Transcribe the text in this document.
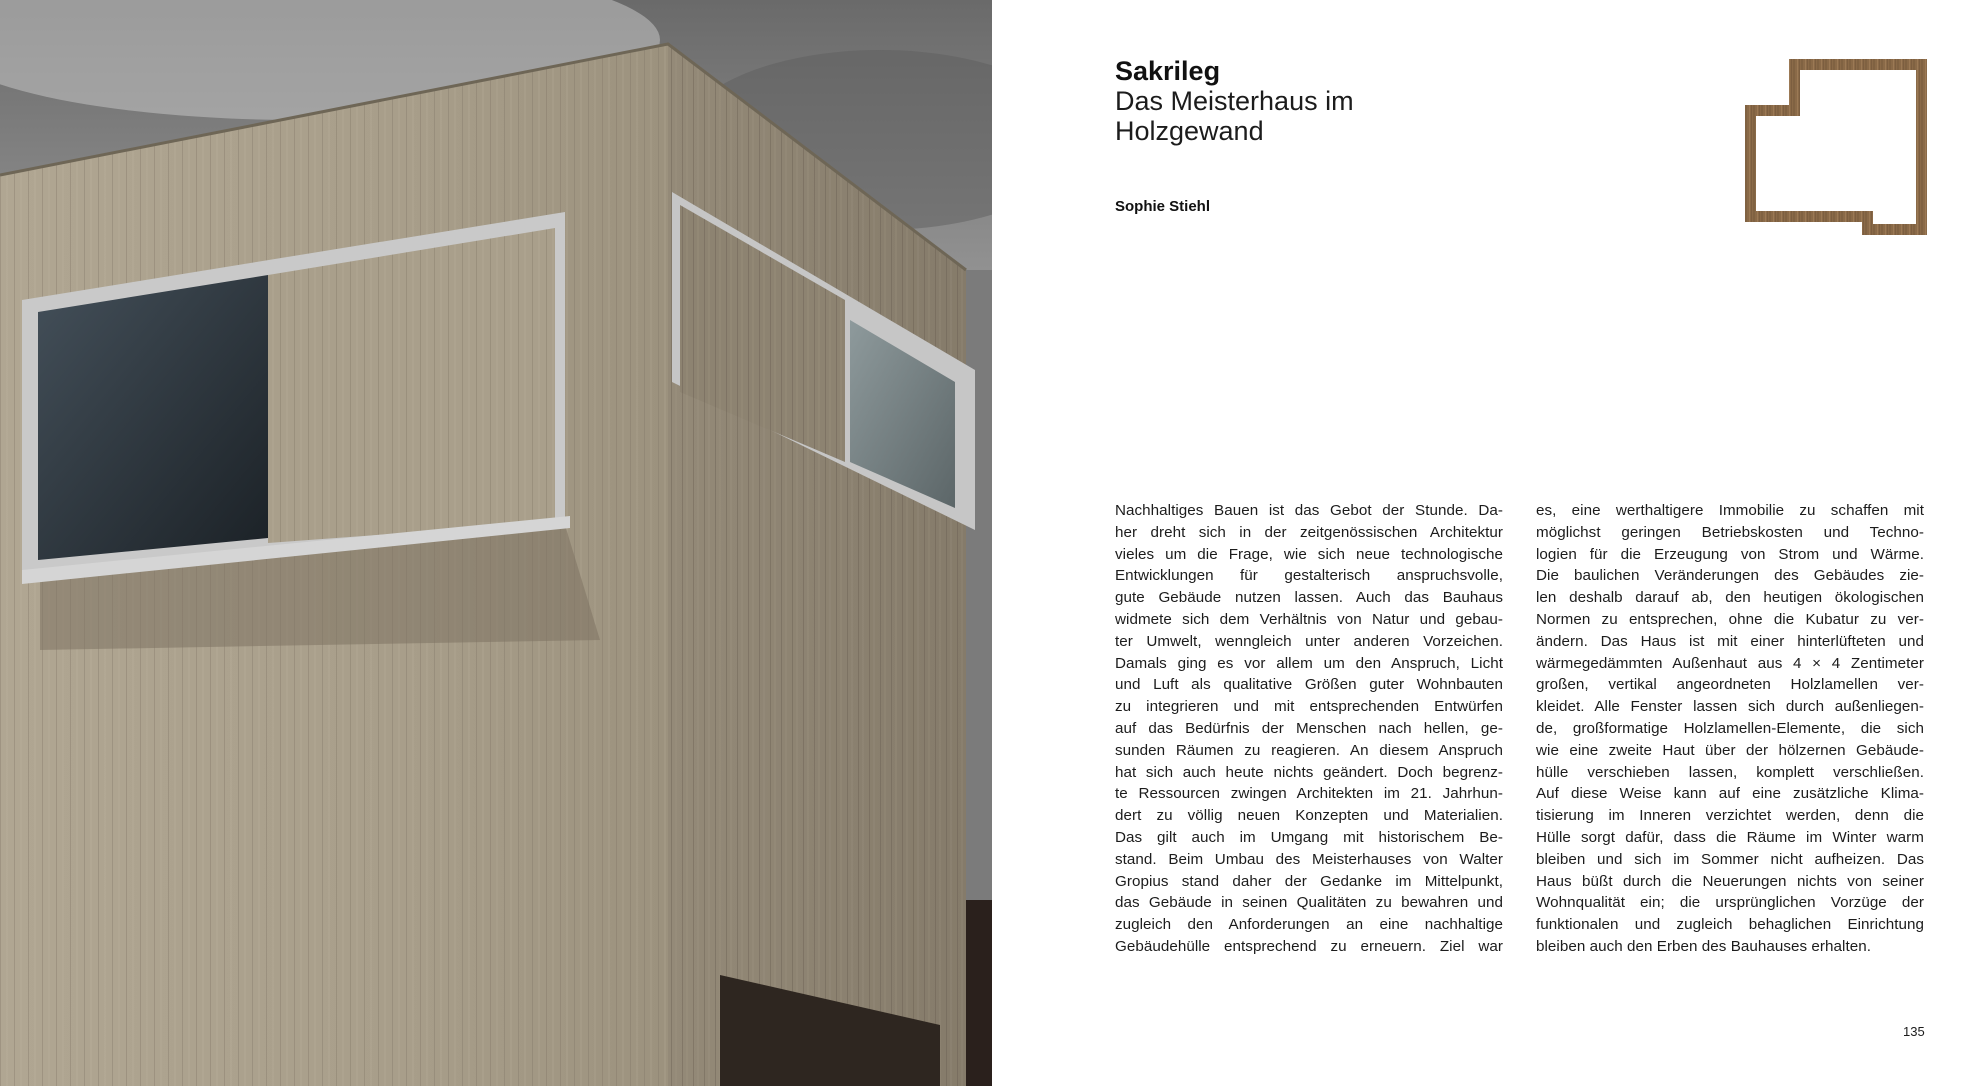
Sakrileg
Das Meisterhaus im
Holzgewand
Sophie Stiehl

Nachhaltiges Bauen ist das Gebot der Stunde. Da-
her dreht sich in der zeitgenössischen Architektur
vieles um die Frage, wie sich neue technologische
Entwicklungen für gestalterisch anspruchsvolle,
gute Gebäude nutzen lassen. Auch das Bauhaus
widmete sich dem Verhältnis von Natur und gebau-
ter Umwelt, wenngleich unter anderen Vorzeichen.
Damals ging es vor allem um den Anspruch, Licht
und Luft als qualitative Größen guter Wohnbauten
zu integrieren und mit entsprechenden Entwürfen
auf das Bedürfnis der Menschen nach hellen, ge-
sunden Räumen zu reagieren. An diesem Anspruch
hat sich auch heute nichts geändert. Doch begrenz-
te Ressourcen zwingen Architekten im 21. Jahrhun-
dert zu völlig neuen Konzepten und Materialien.
Das gilt auch im Umgang mit historischem Be-
stand. Beim Umbau des Meisterhauses von Walter
Gropius stand daher der Gedanke im Mittelpunkt,
das Gebäude in seinen Qualitäten zu bewahren und
zugleich den Anforderungen an eine nachhaltige
Gebäudehülle entsprechend zu erneuern. Ziel war

es, eine werthaltigere Immobilie zu schaffen mit
möglichst geringen Betriebskosten und Techno-
logien für die Erzeugung von Strom und Wärme.
Die baulichen Veränderungen des Gebäudes zie-
len deshalb darauf ab, den heutigen ökologischen
Normen zu entsprechen, ohne die Kubatur zu ver-
ändern. Das Haus ist mit einer hinterlüfteten und
wärmegedämmten Außenhaut aus 4 × 4 Zentimeter
großen, vertikal angeordneten Holzlamellen ver-
kleidet. Alle Fenster lassen sich durch außenliegen-
de, großformatige Holzlamellen-Elemente, die sich
wie eine zweite Haut über der hölzernen Gebäude-
hülle verschieben lassen, komplett verschließen.
Auf diese Weise kann auf eine zusätzliche Klima-
tisierung im Inneren verzichtet werden, denn die
Hülle sorgt dafür, dass die Räume im Winter warm
bleiben und sich im Sommer nicht aufheizen. Das
Haus büßt durch die Neuerungen nichts von seiner
Wohnqualität ein; die ursprünglichen Vorzüge der
funktionalen und zugleich behaglichen Einrichtung
bleiben auch den Erben des Bauhauses erhalten.

135
